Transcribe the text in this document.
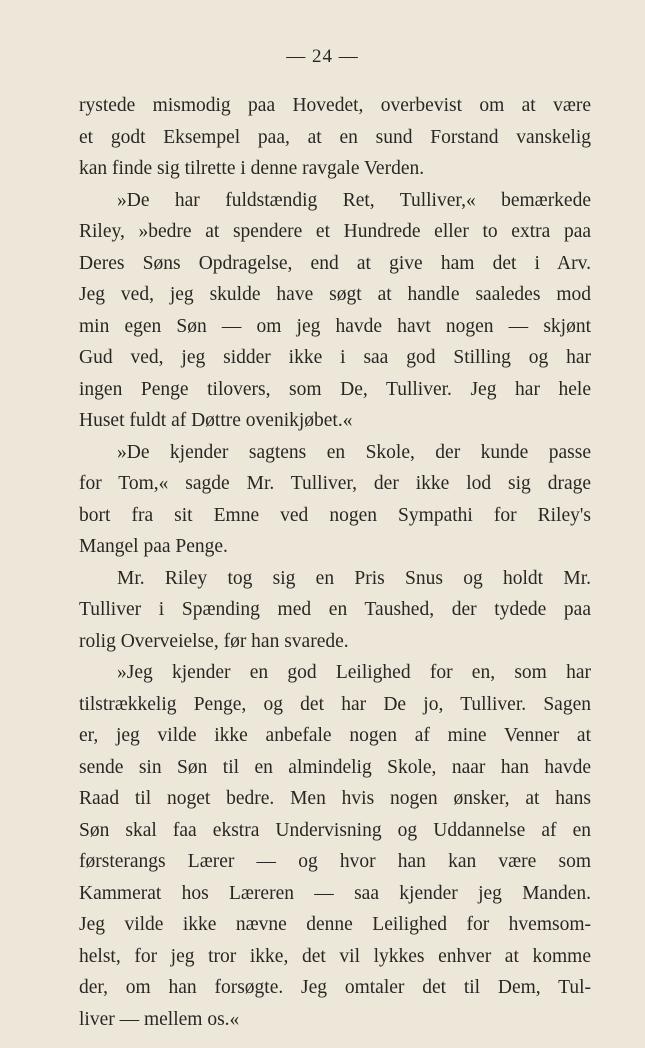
— 24 —
rystede mismodig paa Hovedet, overbevist om at være
et godt Eksempel paa, at en sund Forstand vanskelig
kan finde sig tilrette i denne ravgale Verden.
»De har fuldstændig Ret, Tulliver,« bemærkede
Riley, »bedre at spendere et Hundrede eller to extra paa
Deres Søns Opdragelse, end at give ham det i Arv.
Jeg ved, jeg skulde have søgt at handle saaledes mod
min egen Søn — om jeg havde havt nogen — skjønt
Gud ved, jeg sidder ikke i saa god Stilling og har
ingen Penge tilovers, som De, Tulliver. Jeg har hele
Huset fuldt af Døttre ovenikjøbet.«
»De kjender sagtens en Skole, der kunde passe
for Tom,« sagde Mr. Tulliver, der ikke lod sig drage
bort fra sit Emne ved nogen Sympathi for Riley's
Mangel paa Penge.
Mr. Riley tog sig en Pris Snus og holdt Mr.
Tulliver i Spænding med en Taushed, der tydede paa
rolig Overveielse, før han svarede.
»Jeg kjender en god Leilighed for en, som har
tilstrækkelig Penge, og det har De jo, Tulliver. Sagen
er, jeg vilde ikke anbefale nogen af mine Venner at
sende sin Søn til en almindelig Skole, naar han havde
Raad til noget bedre. Men hvis nogen ønsker, at hans
Søn skal faa ekstra Undervisning og Uddannelse af en
førsterangs Lærer — og hvor han kan være som
Kammerat hos Læreren — saa kjender jeg Manden.
Jeg vilde ikke nævne denne Leilighed for hvemsom-
helst, for jeg tror ikke, det vil lykkes enhver at komme
der, om han forsøgte. Jeg omtaler det til Dem, Tul-
liver — mellem os.«
